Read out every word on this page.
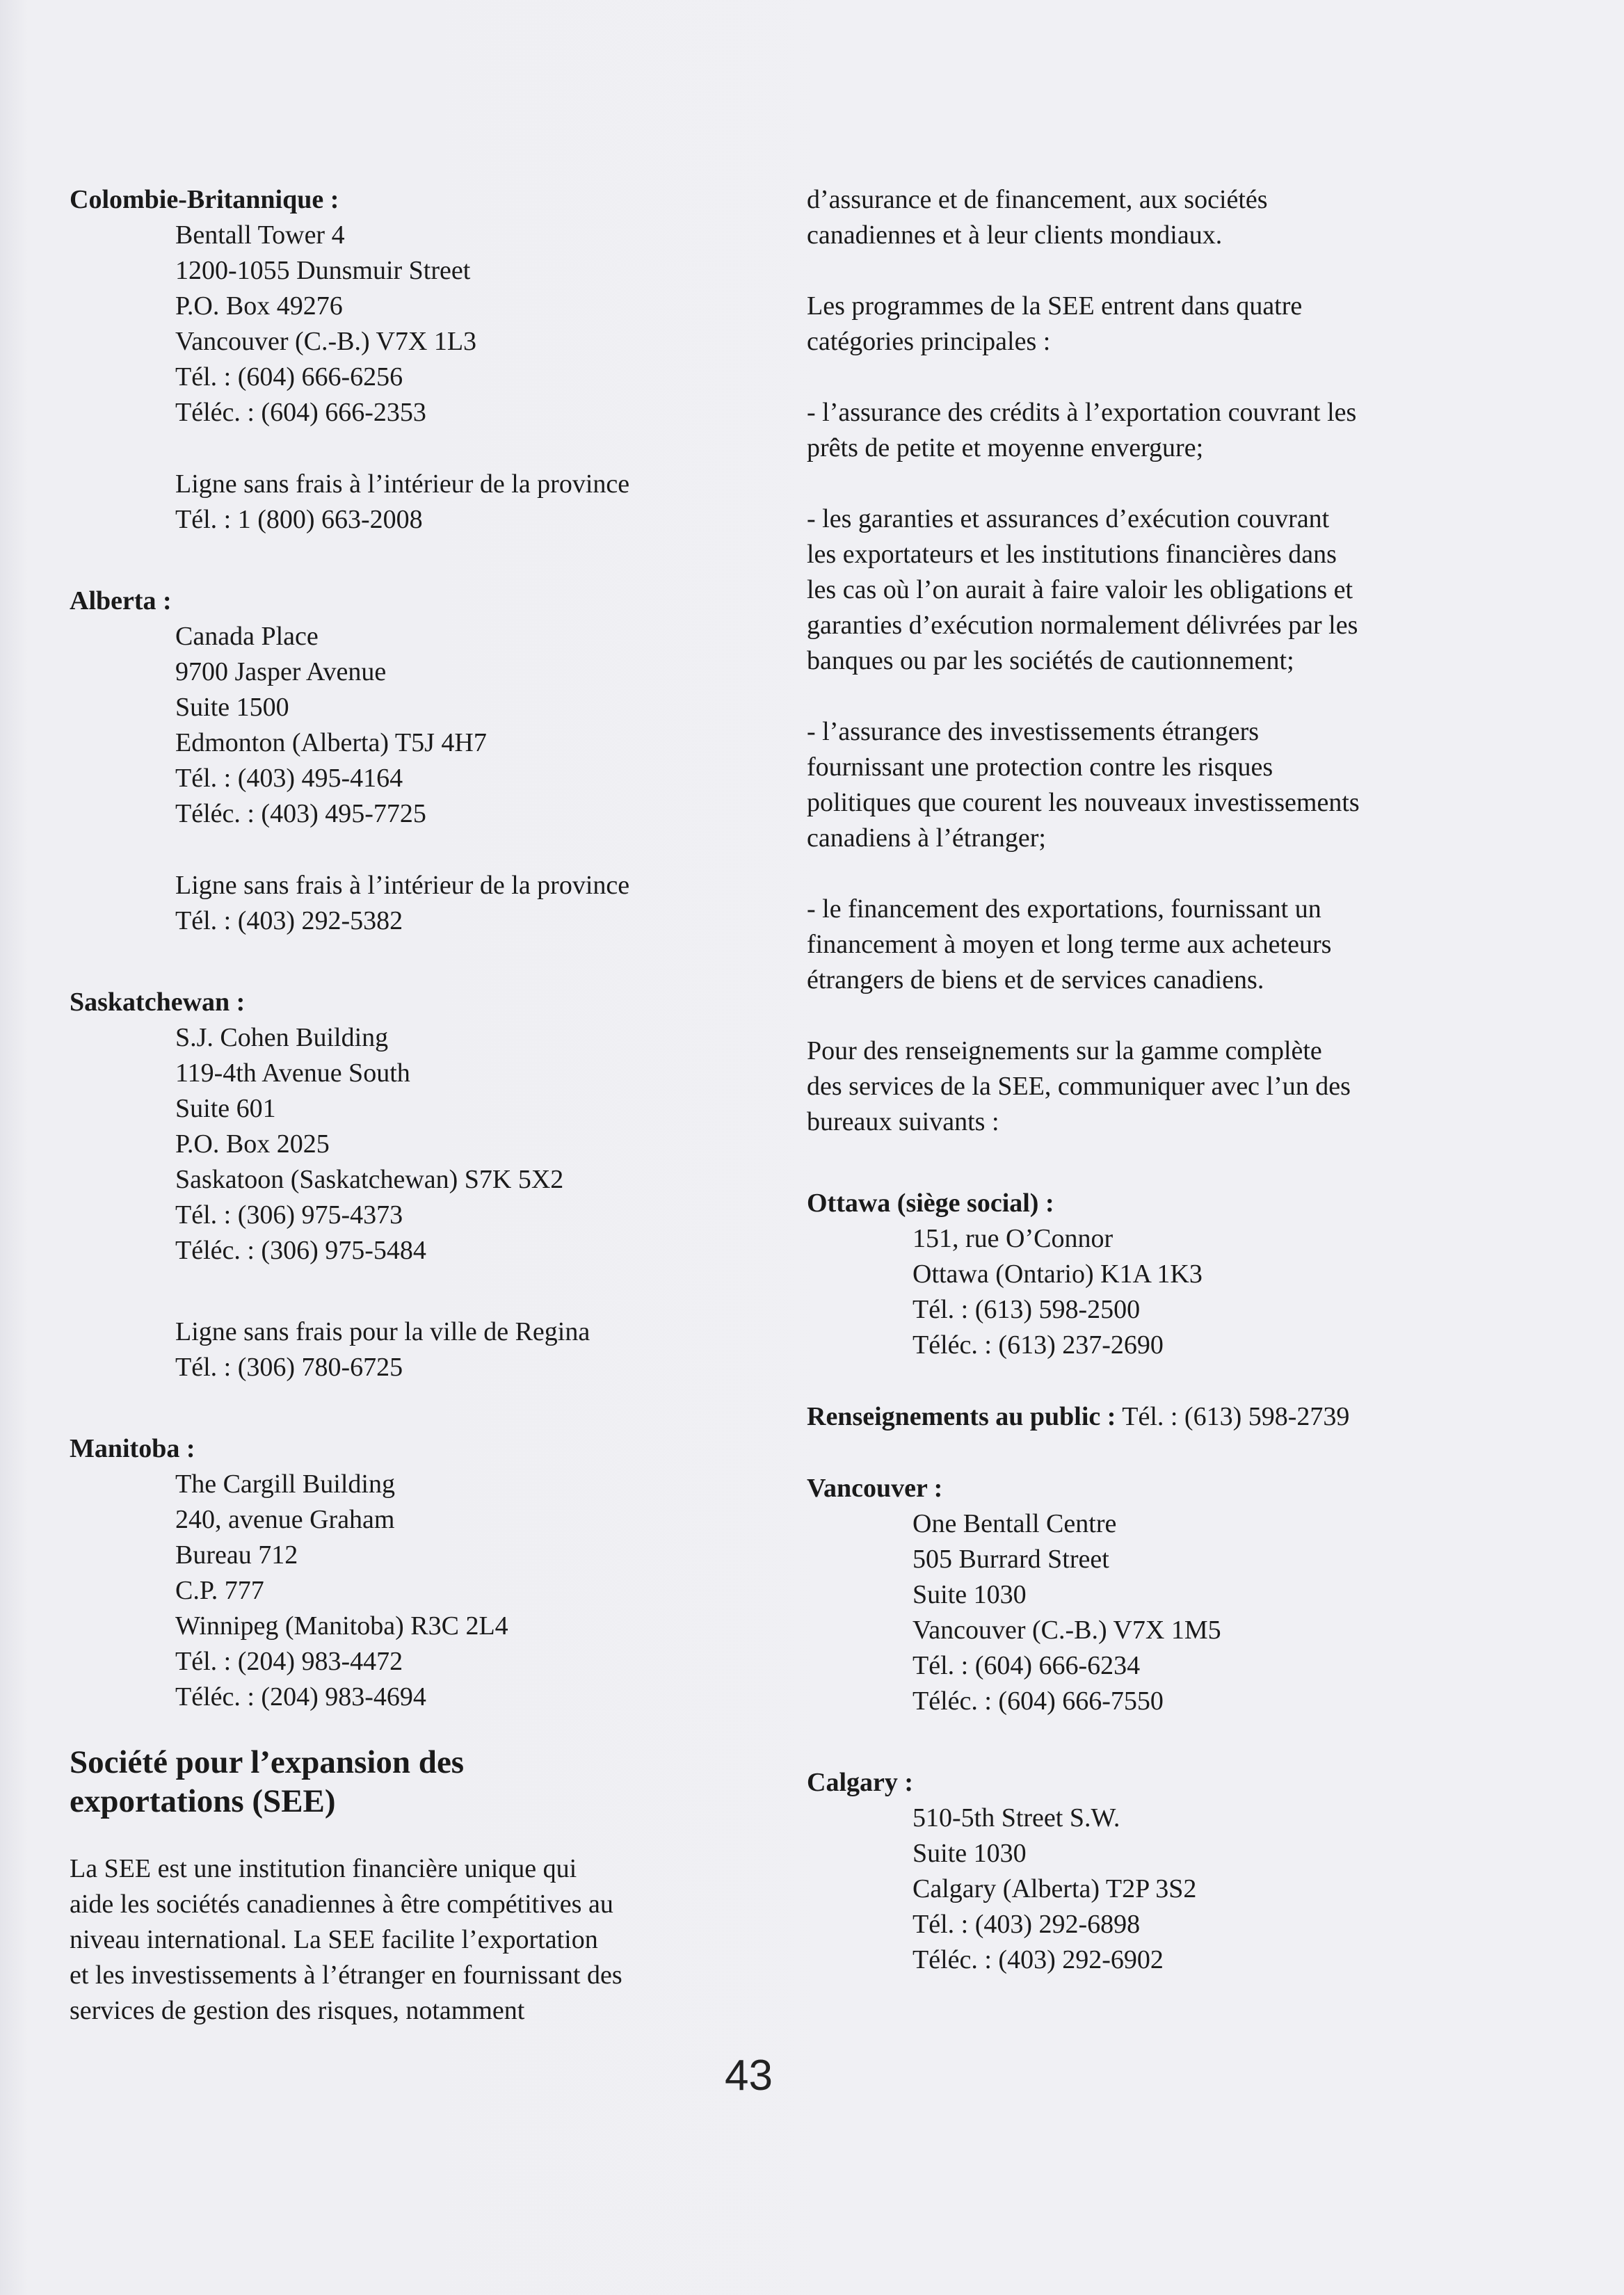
Colombie-Britannique :
Bentall Tower 4
1200-1055 Dunsmuir Street
P.O. Box 49276
Vancouver (C.-B.) V7X 1L3
Tél. : (604) 666-6256
Téléc. : (604) 666-2353
Ligne sans frais à l’intérieur de la province
Tél. : 1 (800) 663-2008
Alberta :
Canada Place
9700 Jasper Avenue
Suite 1500
Edmonton (Alberta) T5J 4H7
Tél. : (403) 495-4164
Téléc. : (403) 495-7725
Ligne sans frais à l’intérieur de la province
Tél. : (403) 292-5382
Saskatchewan :
S.J. Cohen Building
119-4th Avenue South
Suite 601
P.O. Box 2025
Saskatoon (Saskatchewan) S7K 5X2
Tél. : (306) 975-4373
Téléc. : (306) 975-5484
Ligne sans frais pour la ville de Regina
Tél. : (306) 780-6725
Manitoba :
The Cargill Building
240, avenue Graham
Bureau 712
C.P. 777
Winnipeg (Manitoba) R3C 2L4
Tél. : (204) 983-4472
Téléc. : (204) 983-4694
Société pour l’expansion des
exportations (SEE)
La SEE est une institution financière unique qui
aide les sociétés canadiennes à être compétitives au
niveau international. La SEE facilite l’exportation
et les investissements à l’étranger en fournissant des
services de gestion des risques, notamment
d’assurance et de financement, aux sociétés
canadiennes et à leur clients mondiaux.
Les programmes de la SEE entrent dans quatre
catégories principales :
- l’assurance des crédits à l’exportation couvrant les
prêts de petite et moyenne envergure;
- les garanties et assurances d’exécution couvrant
les exportateurs et les institutions financières dans
les cas où l’on aurait à faire valoir les obligations et
garanties d’exécution normalement délivrées par les
banques ou par les sociétés de cautionnement;
- l’assurance des investissements étrangers
fournissant une protection contre les risques
politiques que courent les nouveaux investissements
canadiens à l’étranger;
- le financement des exportations, fournissant un
financement à moyen et long terme aux acheteurs
étrangers de biens et de services canadiens.
Pour des renseignements sur la gamme complète
des services de la SEE, communiquer avec l’un des
bureaux suivants :
Ottawa (siège social) :
151, rue O’Connor
Ottawa (Ontario) K1A 1K3
Tél. : (613) 598-2500
Téléc. : (613) 237-2690
Renseignements au public : Tél. : (613) 598-2739
Vancouver :
One Bentall Centre
505 Burrard Street
Suite 1030
Vancouver (C.-B.) V7X 1M5
Tél. : (604) 666-6234
Téléc. : (604) 666-7550
Calgary :
510-5th Street S.W.
Suite 1030
Calgary (Alberta) T2P 3S2
Tél. : (403) 292-6898
Téléc. : (403) 292-6902
43
